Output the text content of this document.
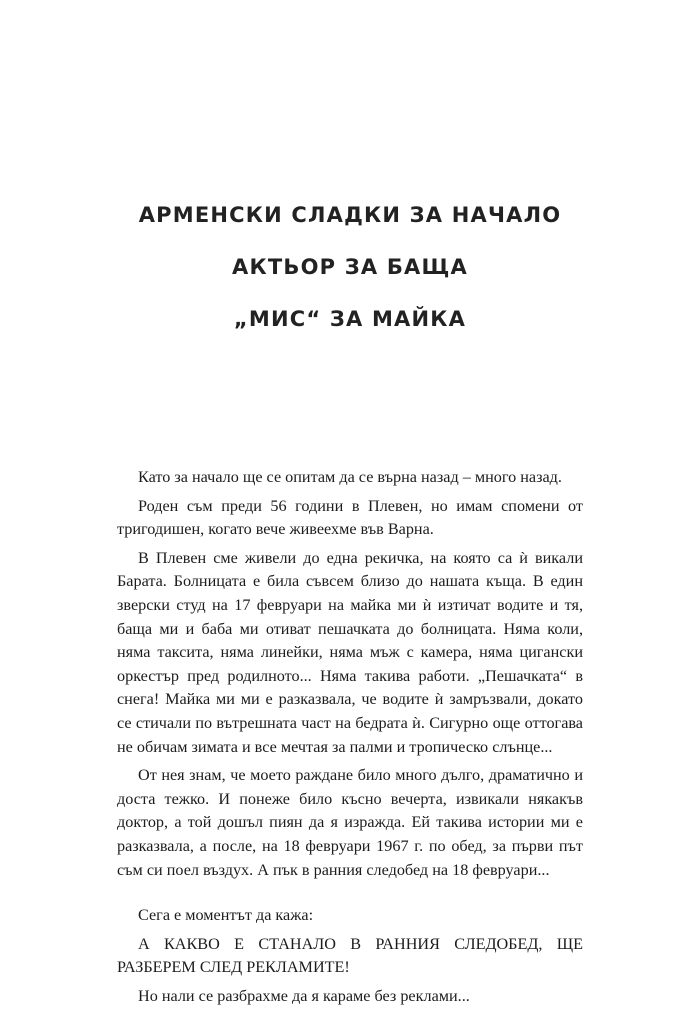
АРМЕНСКИ СЛАДКИ ЗА НАЧАЛО
АКТЬОР ЗА БАЩА
„МИС“ ЗА МАЙКА

Като за начало ще се опитам да се върна назад – много назад.

Роден съм преди 56 години в Плевен, но имам спомени от тригодишен, когато вече живеехме във Варна.

В Плевен сме живели до една рекичка, на която са ѝ викали Барата. Болницата е била съвсем близо до нашата къща. В един зверски студ на 17 февруари на майка ми ѝ изтичат водите и тя, баща ми и баба ми отиват пешачката до болницата. Няма коли, няма таксита, няма линейки, няма мъж с камера, няма цигански оркестър пред родилното... Няма такива работи. „Пешачката“ в снега! Майка ми ми е разказвала, че водите ѝ замръзвали, докато се стичали по вътрешната част на бедрата ѝ. Сигурно още оттогава не обичам зимата и все мечтая за палми и тропическо слънце...

От нея знам, че моето раждане било много дълго, драматично и доста тежко. И понеже било късно вечерта, извикали някакъв доктор, а той дошъл пиян да я изражда. Ей такива истории ми е разказвала, а после, на 18 февруари 1967 г. по обед, за първи път съм си поел въздух. А пък в ранния следобед на 18 февруари...

Сега е моментът да кажа:

А КАКВО Е СТАНАЛО В РАННИЯ СЛЕДОБЕД, ЩЕ РАЗБЕРЕМ СЛЕД РЕКЛАМИТЕ!

Но нали се разбрахме да я караме без реклами...
